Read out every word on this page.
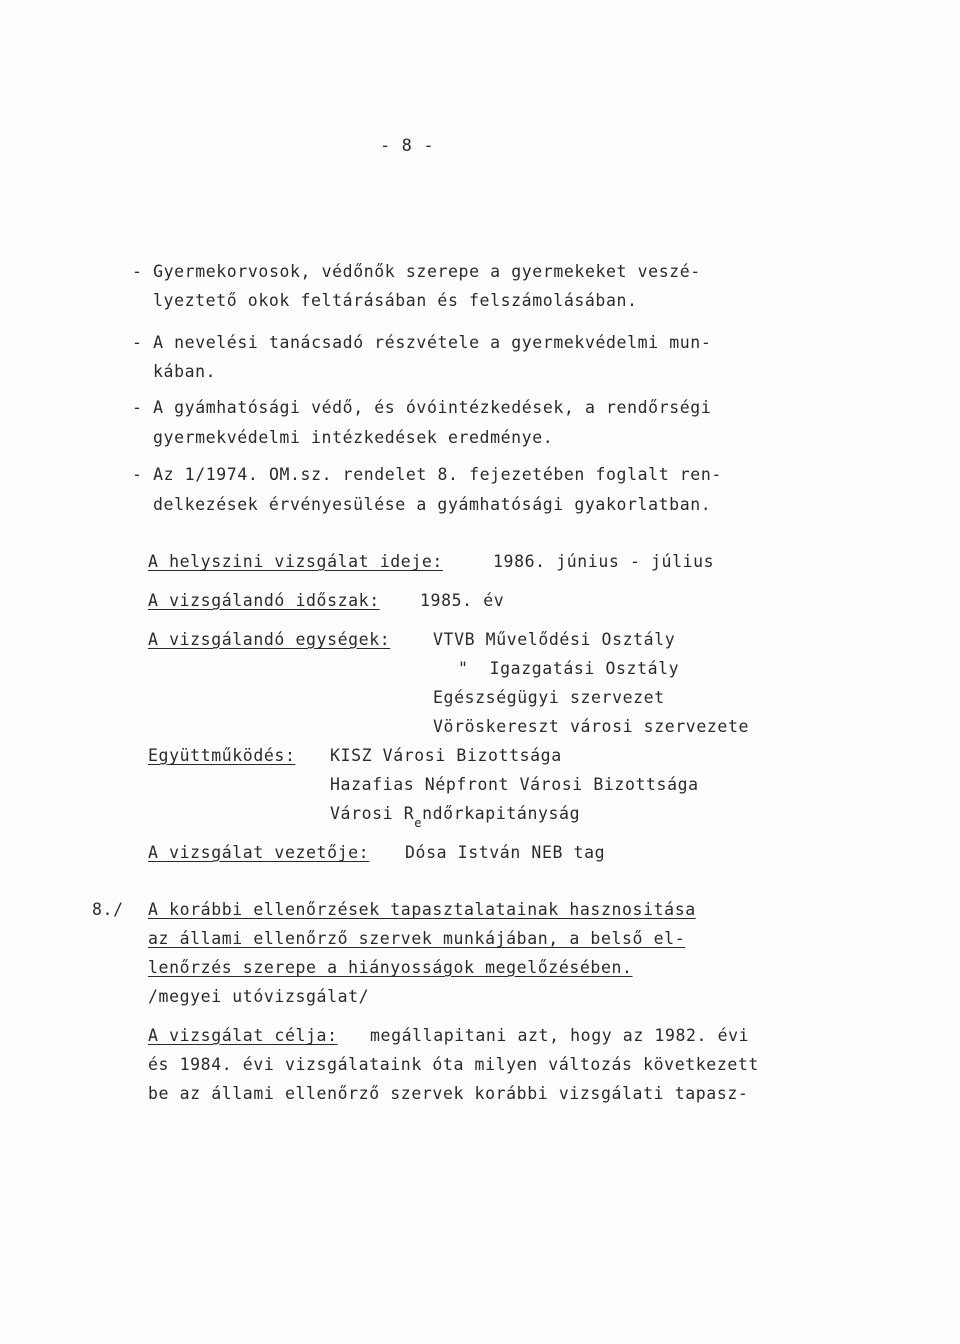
- 8 -
- Gyermekorvosok, védőnők szerepe a gyermekeket veszé-
lyeztető okok feltárásában és felszámolásában.
- A nevelési tanácsadó részvétele a gyermekvédelmi mun-
kában.
- A gyámhatósági védő, és óvóintézkedések, a rendőrségi
gyermekvédelmi intézkedések eredménye.
- Az 1/1974. OM.sz. rendelet 8. fejezetében foglalt ren-
delkezések érvényesülése a gyámhatósági gyakorlatban.
A helyszini vizsgálat ideje:	1986. június - július
A vizsgálandó időszak: 1985. év
A vizsgálandó egységek:	VTVB Művelődési Osztály
"  Igazgatási Osztály
Egészségügyi szervezet
Vöröskereszt városi szervezete
Együttműködés: KISZ Városi Bizottsága
Hazafias Népfront Városi Bizottsága
Városi $R_endőrkapitányság$
A vizsgálat vezetője: Dósa István NEB tag
8./ A korábbi ellenőrzések tapasztalatainak hasznositása
az állami ellenőrző szervek munkájában, a belső el-
lenőrzés szerepe a hiányosságok megelőzésében.
/megyei utóvizsgálat/
A vizsgálat célja: megállapitani azt, hogy az 1982. évi
és 1984. évi vizsgálataink óta milyen változás következett
be az állami ellenőrző szervek korábbi vizsgálati tapasz-
